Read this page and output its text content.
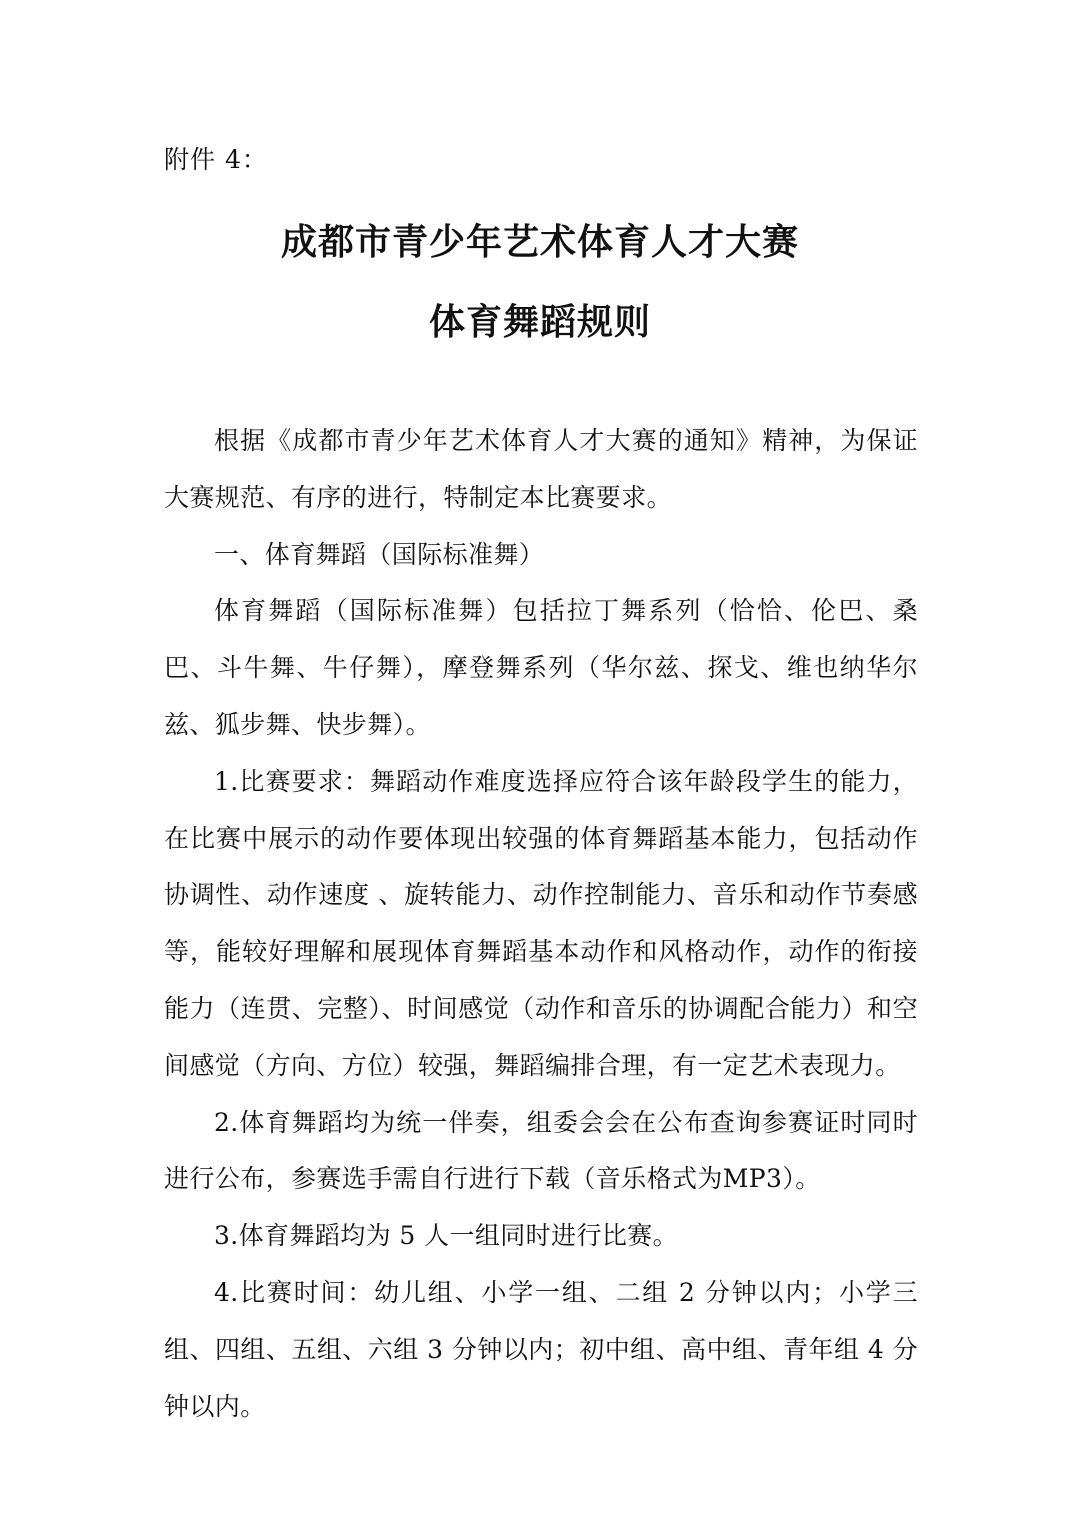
附件 4：
成都市青少年艺术体育人才大赛
体育舞蹈规则

根据《成都市青少年艺术体育人才大赛的通知》精神，为保证大赛规范、有序的进行，特制定本比赛要求。

一、体育舞蹈（国际标准舞）

体育舞蹈（国际标准舞）包括拉丁舞系列（恰恰、伦巴、桑巴、斗牛舞、牛仔舞），摩登舞系列（华尔兹、探戈、维也纳华尔兹、狐步舞、快步舞）。

1.比赛要求：舞蹈动作难度选择应符合该年龄段学生的能力，在比赛中展示的动作要体现出较强的体育舞蹈基本能力，包括动作协调性、动作速度 、旋转能力、动作控制能力、音乐和动作节奏感等，能较好理解和展现体育舞蹈基本动作和风格动作，动作的衔接能力（连贯、完整）、时间感觉（动作和音乐的协调配合能力）和空间感觉（方向、方位）较强，舞蹈编排合理，有一定艺术表现力。

2.体育舞蹈均为统一伴奏，组委会会在公布查询参赛证时同时进行公布，参赛选手需自行进行下载（音乐格式为MP3）。

3.体育舞蹈均为 5 人一组同时进行比赛。

4.比赛时间：幼儿组、小学一组、二组 2 分钟以内；小学三组、四组、五组、六组 3 分钟以内；初中组、高中组、青年组 4 分钟以内。
